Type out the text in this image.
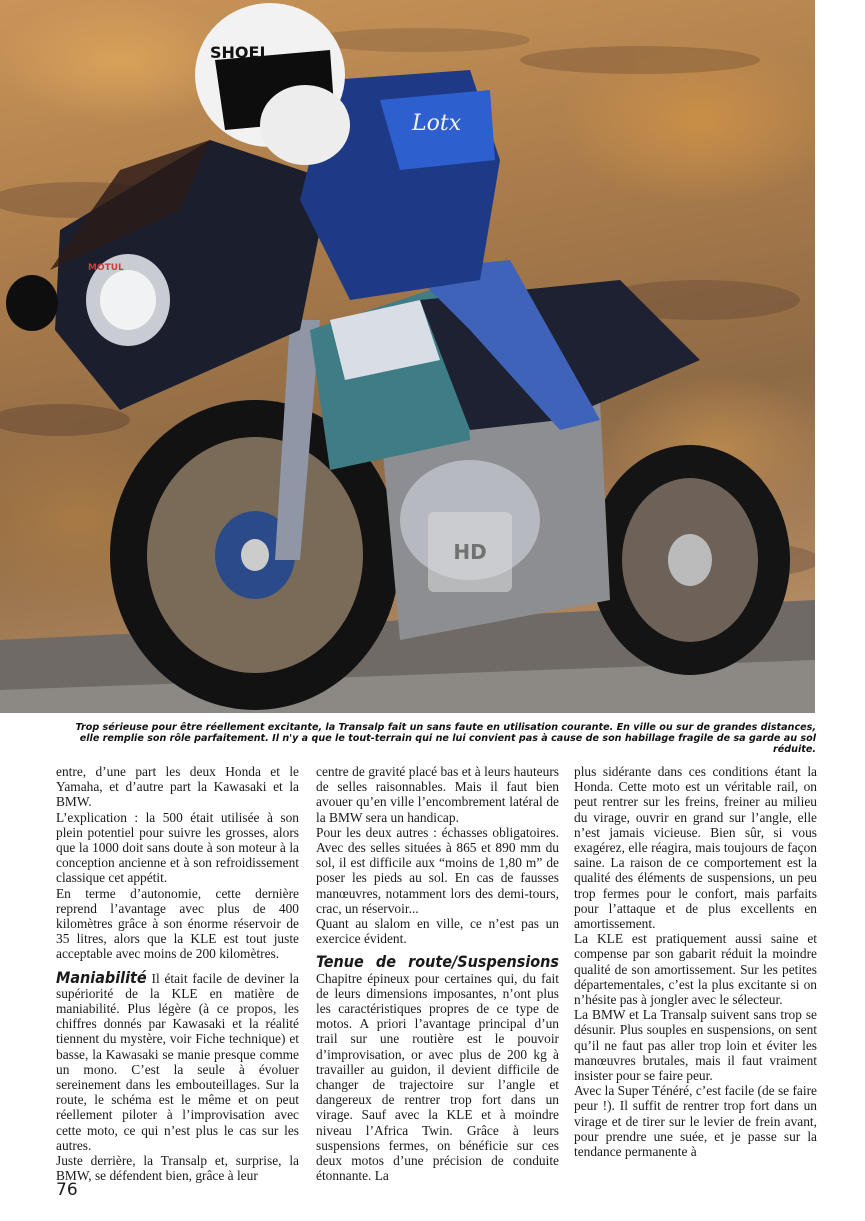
SHOEI
Lotx
MOTUL
HD
Trop sérieuse pour être réellement excitante, la Transalp fait un sans faute en utilisation courante. En ville ou sur de grandes distances, elle remplie son rôle parfaitement. Il n'y a que le tout-terrain qui ne lui convient pas à cause de son habillage fragile de sa garde au sol réduite.

entre, d’une part les deux Honda et le Yamaha, et d’autre part la Kawasaki et la BMW.

L’explication : la 500 était utilisée à son plein potentiel pour suivre les grosses, alors que la 1000 doit sans doute à son moteur à la conception ancienne et à son refroidissement classique cet appétit.

En terme d’autonomie, cette dernière reprend l’avantage avec plus de 400 kilomètres grâce à son énorme réservoir de 35 litres, alors que la KLE est tout juste acceptable avec moins de 200 kilomètres.

Maniabilité Il était facile de deviner la supériorité de la KLE en matière de maniabilité. Plus légère (à ce propos, les chiffres donnés par Kawasaki et la réalité tiennent du mystère, voir Fiche technique) et basse, la Kawasaki se manie presque comme un mono. C’est la seule à évoluer sereinement dans les embouteillages. Sur la route, le schéma est le même et on peut réellement piloter à l’improvisation avec cette moto, ce qui n’est plus le cas sur les autres.

Juste derrière, la Transalp et, surprise, la BMW, se défendent bien, grâce à leur

centre de gravité placé bas et à leurs hauteurs de selles raisonnables. Mais il faut bien avouer qu’en ville l’encombrement latéral de la BMW sera un handicap.

Pour les deux autres : échasses obligatoires. Avec des selles situées à 865 et 890 mm du sol, il est difficile aux “moins de 1,80 m” de poser les pieds au sol. En cas de fausses manœuvres, notamment lors des demi-tours, crac, un réservoir...

Quant au slalom en ville, ce n’est pas un exercice évident.

Tenue de route/Suspensions Chapitre épineux pour certaines qui, du fait de leurs dimensions imposantes, n’ont plus les caractéristiques propres de ce type de motos. A priori l’avantage principal d’un trail sur une routière est le pouvoir d’improvisation, or avec plus de 200 kg à travailler au guidon, il devient difficile de changer de trajectoire sur l’angle et dangereux de rentrer trop fort dans un virage. Sauf avec la KLE et à moindre niveau l’Africa Twin. Grâce à leurs suspensions fermes, on bénéficie sur ces deux motos d’une précision de conduite étonnante. La

plus sidérante dans ces conditions étant la Honda. Cette moto est un véritable rail, on peut rentrer sur les freins, freiner au milieu du virage, ouvrir en grand sur l’angle, elle n’est jamais vicieuse. Bien sûr, si vous exagérez, elle réagira, mais toujours de façon saine. La raison de ce comportement est la qualité des éléments de suspensions, un peu trop fermes pour le confort, mais parfaits pour l’attaque et de plus excellents en amortissement.

La KLE est pratiquement aussi saine et compense par son gabarit réduit la moindre qualité de son amortissement. Sur les petites départementales, c’est la plus excitante si on n’hésite pas à jongler avec le sélecteur.

La BMW et La Transalp suivent sans trop se désunir. Plus souples en suspensions, on sent qu’il ne faut pas aller trop loin et éviter les manœuvres brutales, mais il faut vraiment insister pour se faire peur.

Avec la Super Ténéré, c’est facile (de se faire peur !). Il suffit de rentrer trop fort dans un virage et de tirer sur le levier de frein avant, pour prendre une suée, et je passe sur la tendance permanente à

76
